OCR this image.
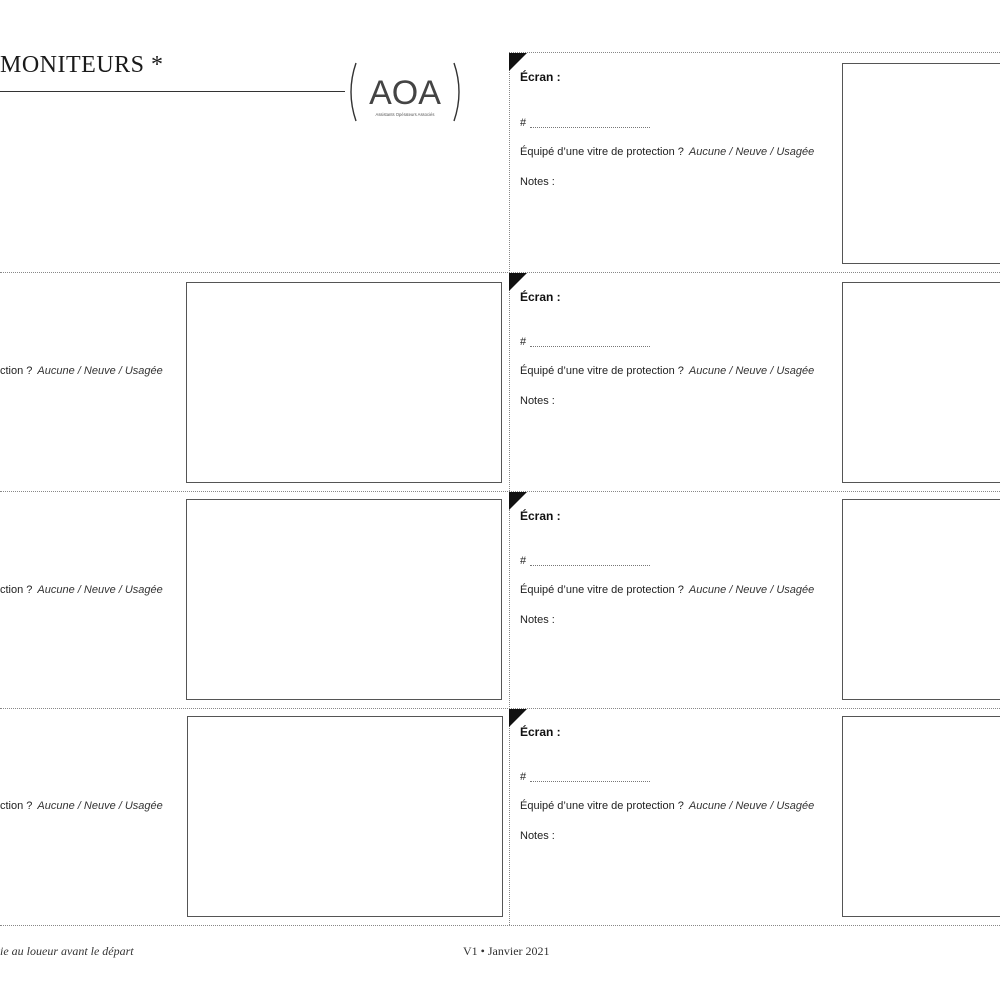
MONITEURS *
AOA
Assistants Opérateurs Associés
Écran :
#
Équipé d’une vitre de protection ? Aucune / Neuve / Usagée
Notes :
Écran :
#
Équipé d’une vitre de protection ? Aucune / Neuve / Usagée
Notes :
Écran :
#
Équipé d’une vitre de protection ? Aucune / Neuve / Usagée
Notes :
Écran :
#
Équipé d’une vitre de protection ? Aucune / Neuve / Usagée
Notes :
ction ? Aucune / Neuve / Usagée
ction ? Aucune / Neuve / Usagée
ction ? Aucune / Neuve / Usagée
ie au loueur avant le départ	V1 • Janvier 2021
